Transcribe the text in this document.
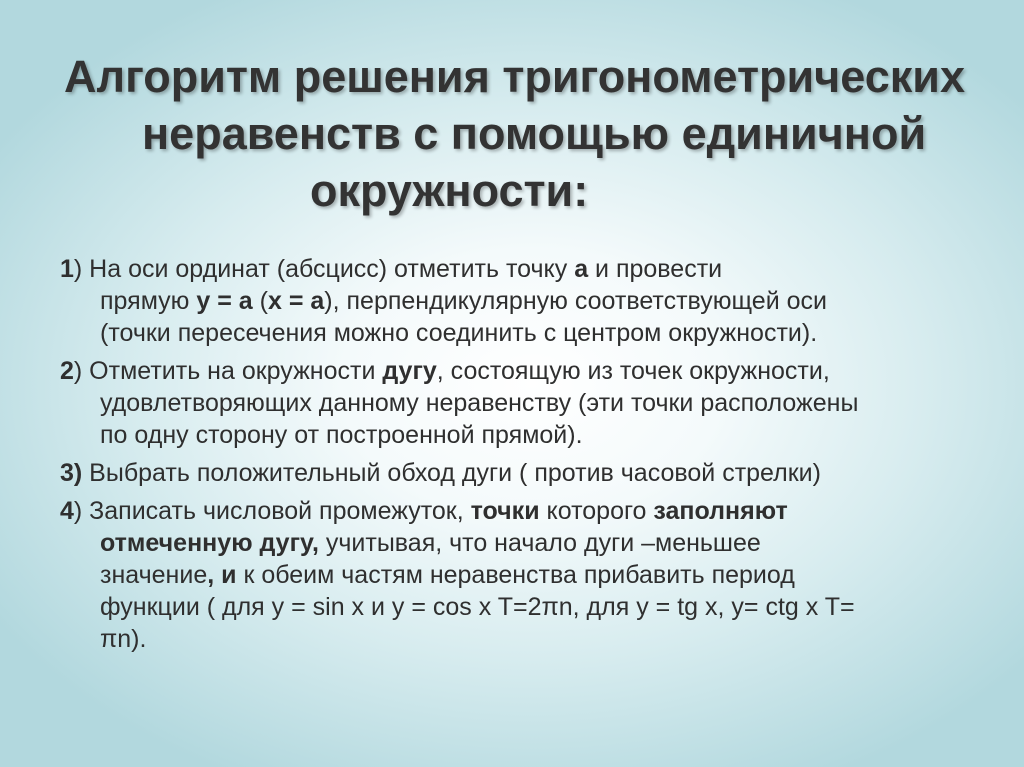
Алгоритм решения тригонометрических
неравенств с помощью единичной
окружности:
1) На оси ординат (абсцисс) отметить точку а и провести
прямую у = а (х = а), перпендикулярную соответствующей оси
(точки пересечения можно соединить с центром окружности).
2) Отметить на окружности дугу, состоящую из точек окружности,
удовлетворяющих данному неравенству (эти точки расположены
по одну сторону от построенной прямой).
3) Выбрать положительный обход дуги ( против часовой стрелки)
4) Записать числовой промежуток, точки которого заполняют
отмеченную дугу, учитывая, что начало дуги –меньшее
значение, и к обеим частям неравенства прибавить период
функции ( для у = sin x и у = cos x T=2πn, для у = tg x, у= ctg x T=
πn).
